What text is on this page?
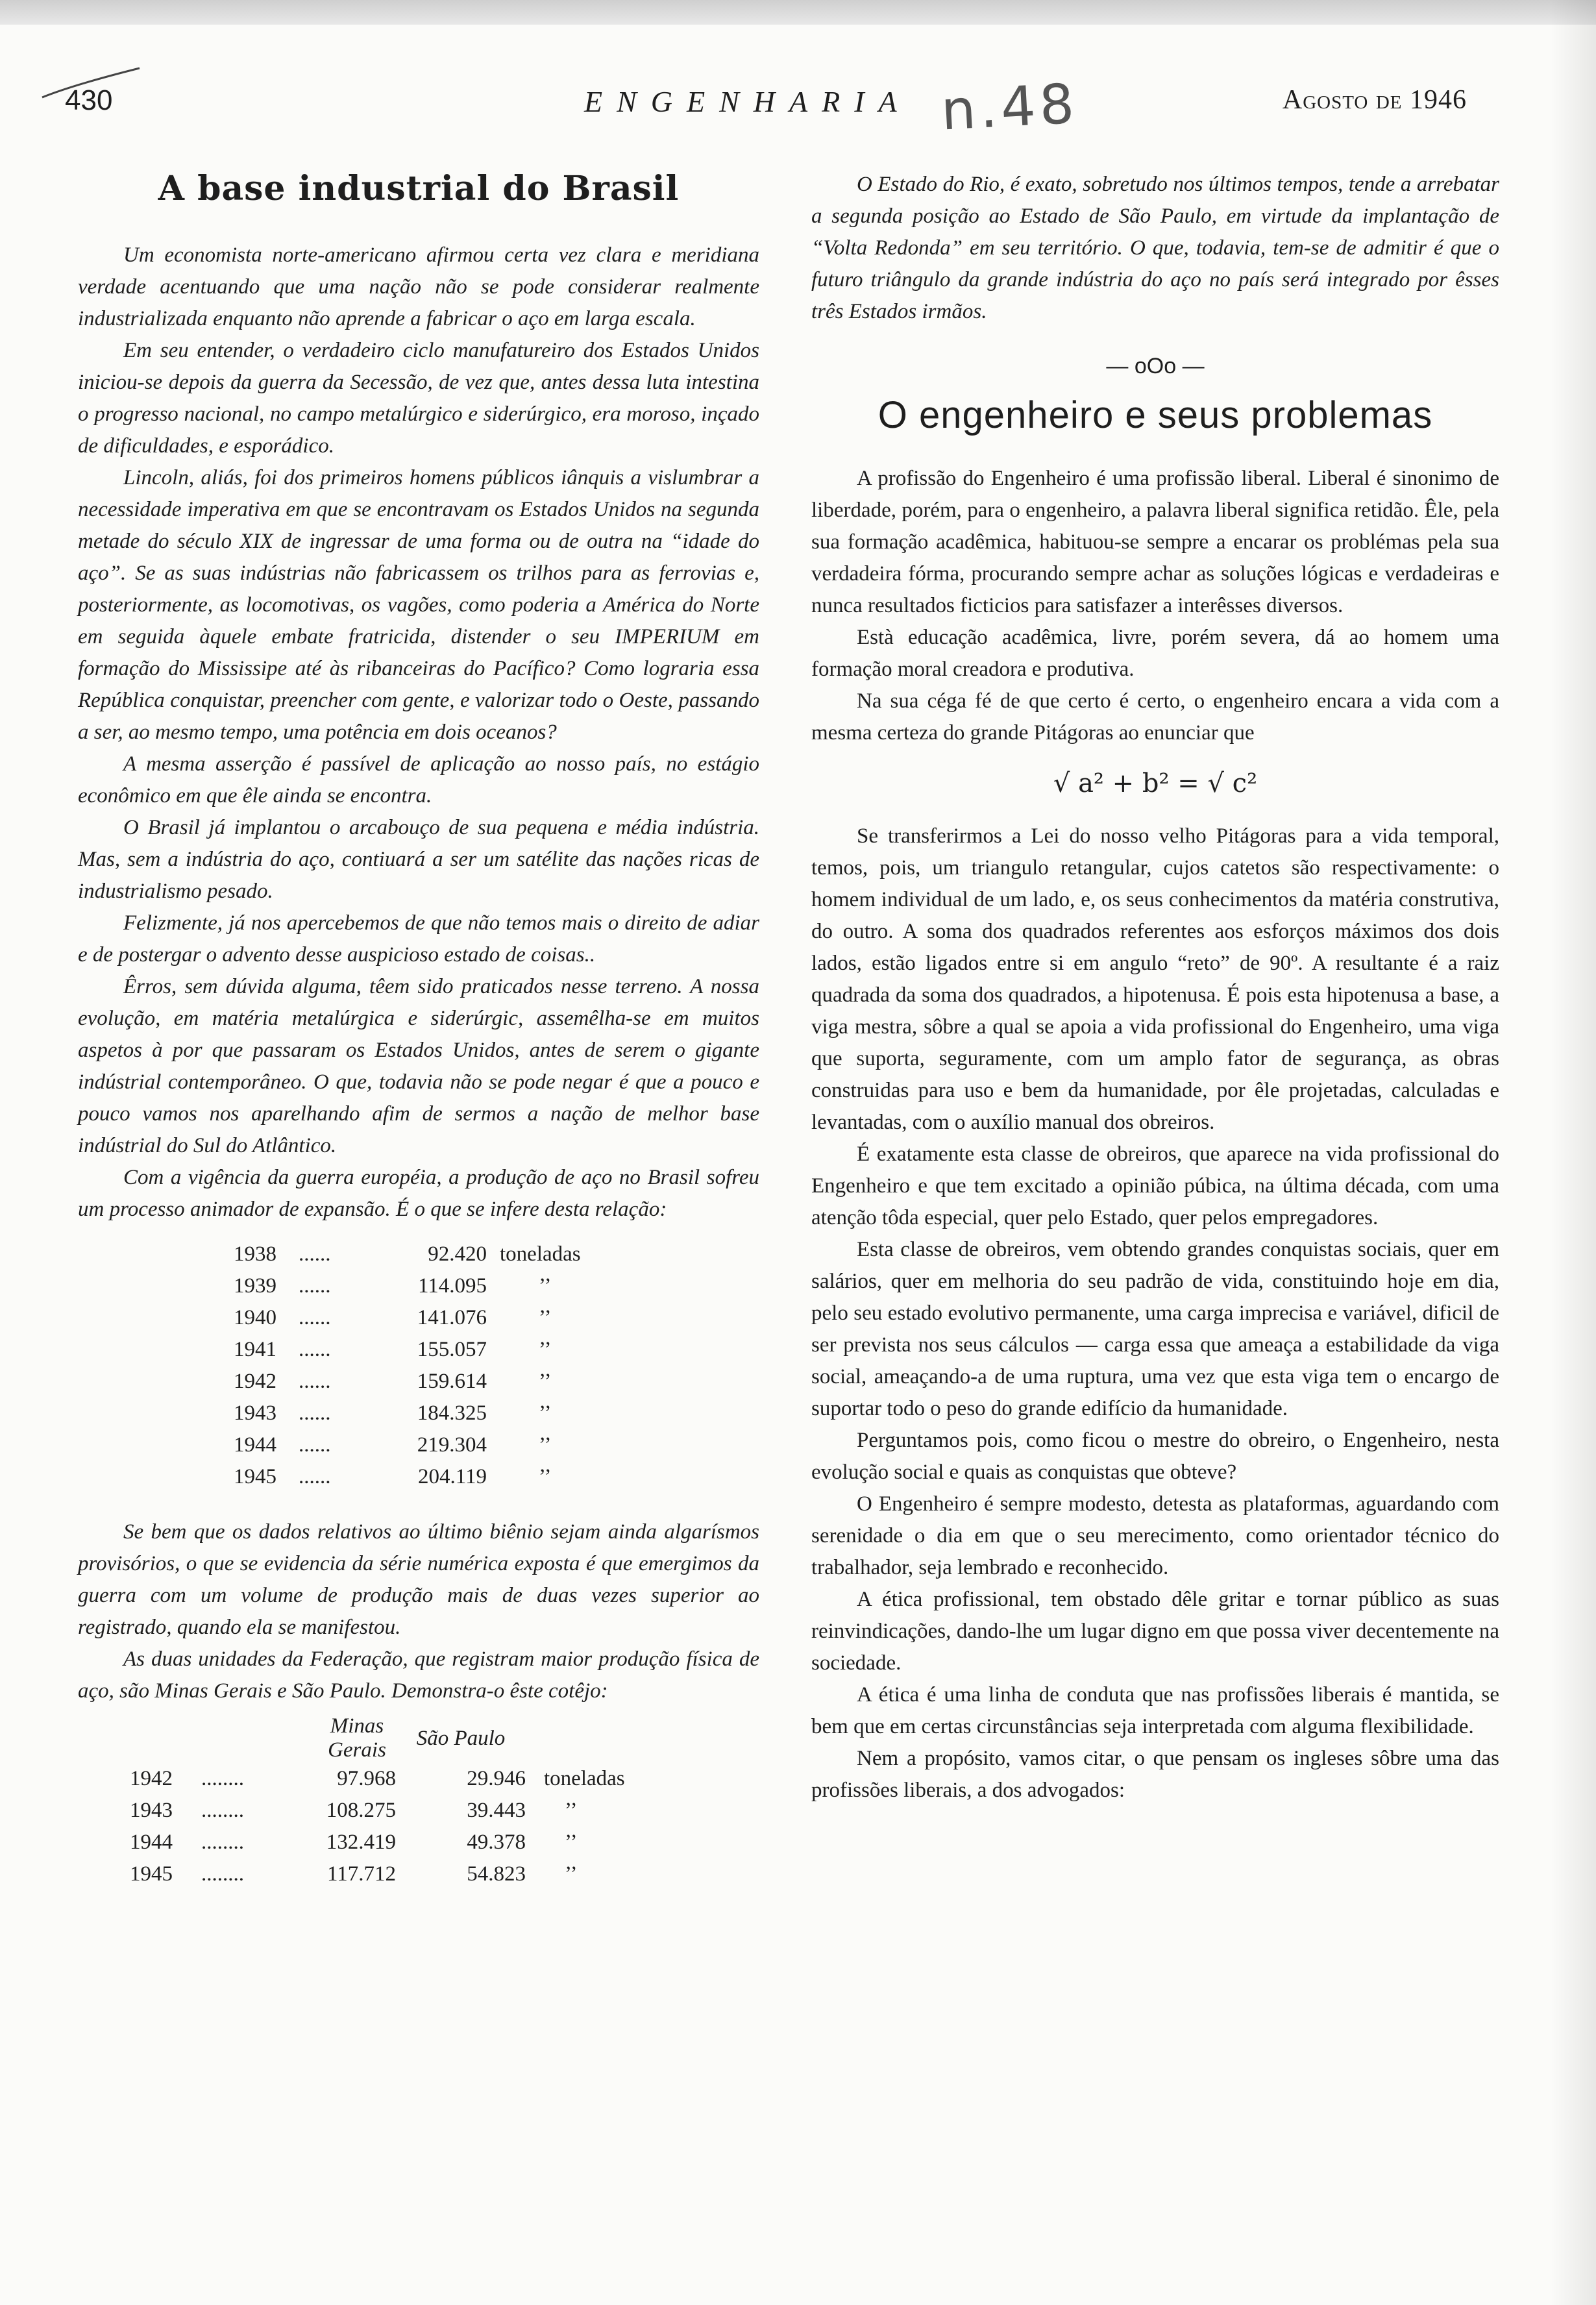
430	ENGENHARIA n.48	Agosto de 1946
A base industrial do Brasil

Um economista norte-americano afirmou certa vez clara e meridiana verdade acentuando que uma nação não se pode considerar realmente industrializada enquanto não aprende a fabricar o aço em larga escala.

Em seu entender, o verdadeiro ciclo manufatureiro dos Estados Unidos iniciou-se depois da guerra da Secessão, de vez que, antes dessa luta intestina o progresso nacional, no campo metalúrgico e siderúrgico, era moroso, inçado de dificuldades, e esporádico.

Lincoln, aliás, foi dos primeiros homens públicos iânquis a vislumbrar a necessidade imperativa em que se encontravam os Estados Unidos na segunda metade do século XIX de ingressar de uma forma ou de outra na “idade do aço”. Se as suas indústrias não fabricassem os trilhos para as ferrovias e, posteriormente, as locomotivas, os vagões, como poderia a América do Norte em seguida àquele embate fratricida, distender o seu IMPERIUM em formação do Mississipe até às ribanceiras do Pacífico? Como lograria essa República conquistar, preencher com gente, e valorizar todo o Oeste, passando a ser, ao mesmo tempo, uma potência em dois oceanos?

A mesma asserção é passível de aplicação ao nosso país, no estágio econômico em que êle ainda se encontra.

O Brasil já implantou o arcabouço de sua pequena e média indústria. Mas, sem a indústria do aço, contiuará a ser um satélite das nações ricas de industrialismo pesado.

Felizmente, já nos apercebemos de que não temos mais o direito de adiar e de postergar o advento desse auspicioso estado de coisas..

Êrros, sem dúvida alguma, têem sido praticados nesse terreno. A nossa evolução, em matéria metalúrgica e siderúrgic, assemêlha-se em muitos aspetos à por que passaram os Estados Unidos, antes de serem o gigante indústrial contemporâneo. O que, todavia não se pode negar é que a pouco e pouco vamos nos aparelhando afim de sermos a nação de melhor base indústrial do Sul do Atlântico.

Com a vigência da guerra européia, a produção de aço no Brasil sofreu um processo animador de expansão. É o que se infere desta relação:

1938	......	92.420	toneladas
1939	......	114.095	’’
1940	......	141.076	’’
1941	......	155.057	’’
1942	......	159.614	’’
1943	......	184.325	’’
1944	......	219.304	’’
1945	......	204.119	’’

Se bem que os dados relativos ao último biênio sejam ainda algarísmos provisórios, o que se evidencia da série numérica exposta é que emergimos da guerra com um volume de produção mais de duas vezes superior ao registrado, quando ela se manifestou.

As duas unidades da Federação, que registram maior produção física de aço, são Minas Gerais e São Paulo. Demonstra-o êste cotêjo:

		Minas Gerais	São Paulo	
1942	........	97.968	29.946	toneladas
1943	........	108.275	39.443	’’
1944	........	132.419	49.378	’’
1945	........	117.712	54.823	’’

O Estado do Rio, é exato, sobretudo nos últimos tempos, tende a arrebatar a segunda posição ao Estado de São Paulo, em virtude da implantação de “Volta Redonda” em seu território. O que, todavia, tem-se de admitir é que o futuro triângulo da grande indústria do aço no país será integrado por êsses três Estados irmãos.

— oOo —
O engenheiro e seus problemas

A profissão do Engenheiro é uma profissão liberal. Liberal é sinonimo de liberdade, porém, para o engenheiro, a palavra liberal significa retidão. Êle, pela sua formação acadêmica, habituou-se sempre a encarar os problémas pela sua verdadeira fórma, procurando sempre achar as soluções lógicas e verdadeiras e nunca resultados ficticios para satisfazer a interêsses diversos.

Està educação acadêmica, livre, porém severa, dá ao homem uma formação moral creadora e produtiva.

Na sua céga fé de que certo é certo, o engenheiro encara a vida com a mesma certeza do grande Pitágoras ao enunciar que

√ a² + b² = √ c²

Se transferirmos a Lei do nosso velho Pitágoras para a vida temporal, temos, pois, um triangulo retangular, cujos catetos são respectivamente: o homem individual de um lado, e, os seus conhecimentos da matéria construtiva, do outro. A soma dos quadrados referentes aos esforços máximos dos dois lados, estão ligados entre si em angulo “reto” de 90º. A resultante é a raiz quadrada da soma dos quadrados, a hipotenusa. É pois esta hipotenusa a base, a viga mestra, sôbre a qual se apoia a vida profissional do Engenheiro, uma viga que suporta, seguramente, com um amplo fator de segurança, as obras construidas para uso e bem da humanidade, por êle projetadas, calculadas e levantadas, com o auxílio manual dos obreiros.

É exatamente esta classe de obreiros, que aparece na vida profissional do Engenheiro e que tem excitado a opinião púbica, na última década, com uma atenção tôda especial, quer pelo Estado, quer pelos empregadores.

Esta classe de obreiros, vem obtendo grandes conquistas sociais, quer em salários, quer em melhoria do seu padrão de vida, constituindo hoje em dia, pelo seu estado evolutivo permanente, uma carga imprecisa e variável, dificil de ser prevista nos seus cálculos — carga essa que ameaça a estabilidade da viga social, ameaçando-a de uma ruptura, uma vez que esta viga tem o encargo de suportar todo o peso do grande edifício da humanidade.

Perguntamos pois, como ficou o mestre do obreiro, o Engenheiro, nesta evolução social e quais as conquistas que obteve?

O Engenheiro é sempre modesto, detesta as plataformas, aguardando com serenidade o dia em que o seu merecimento, como orientador técnico do trabalhador, seja lembrado e reconhecido.

A ética profissional, tem obstado dêle gritar e tornar público as suas reinvindicações, dando-lhe um lugar digno em que possa viver decentemente na sociedade.

A ética é uma linha de conduta que nas profissões liberais é mantida, se bem que em certas circunstâncias seja interpretada com alguma flexibilidade.

Nem a propósito, vamos citar, o que pensam os ingleses sôbre uma das profissões liberais, a dos advogados:
